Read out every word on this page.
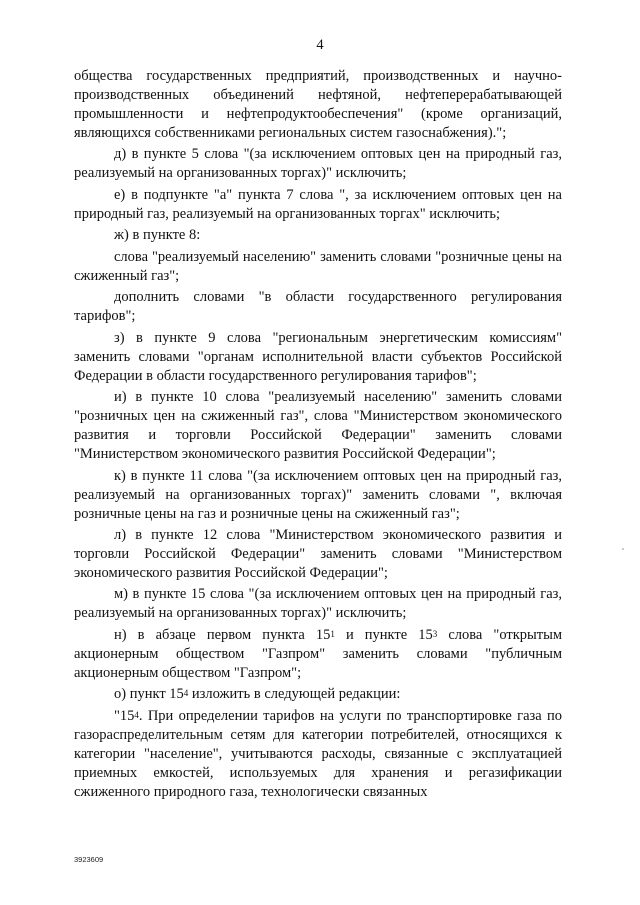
4

общества государственных предприятий, производственных и научно-производственных объединений нефтяной, нефтеперерабатывающей промышленности и нефтепродуктообеспечения" (кроме организаций, являющихся собственниками региональных систем газоснабжения).";

д) в пункте 5 слова "(за исключением оптовых цен на природный газ, реализуемый на организованных торгах)" исключить;

е) в подпункте "а" пункта 7 слова ", за исключением оптовых цен на природный газ, реализуемый на организованных торгах" исключить;

ж) в пункте 8:

слова "реализуемый населению" заменить словами "розничные цены на сжиженный газ";

дополнить словами "в области государственного регулирования тарифов";

з) в пункте 9 слова "региональным энергетическим комиссиям" заменить словами "органам исполнительной власти субъектов Российской Федерации в области государственного регулирования тарифов";

и) в пункте 10 слова "реализуемый населению" заменить словами "розничных цен на сжиженный газ", слова "Министерством экономического развития и торговли Российской Федерации" заменить словами "Министерством экономического развития Российской Федерации";

к) в пункте 11 слова "(за исключением оптовых цен на природный газ, реализуемый на организованных торгах)" заменить словами ", включая розничные цены на газ и розничные цены на сжиженный газ";

л) в пункте 12 слова "Министерством экономического развития и торговли Российской Федерации" заменить словами "Министерством экономического развития Российской Федерации";

м) в пункте 15 слова "(за исключением оптовых цен на природный газ, реализуемый на организованных торгах)" исключить;

н) в абзаце первом пункта $15^1$ и пункте $15^3$ слова "открытым акционерным обществом "Газпром" заменить словами "публичным акционерным обществом "Газпром";

о) пункт $15^4$ изложить в следующей редакции:

"$15^4$. При определении тарифов на услуги по транспортировке газа по газораспределительным сетям для категории потребителей, относящихся к категории "население", учитываются расходы, связанные с эксплуатацией приемных емкостей, используемых для хранения и регазификации сжиженного природного газа, технологически связанных

3923609
